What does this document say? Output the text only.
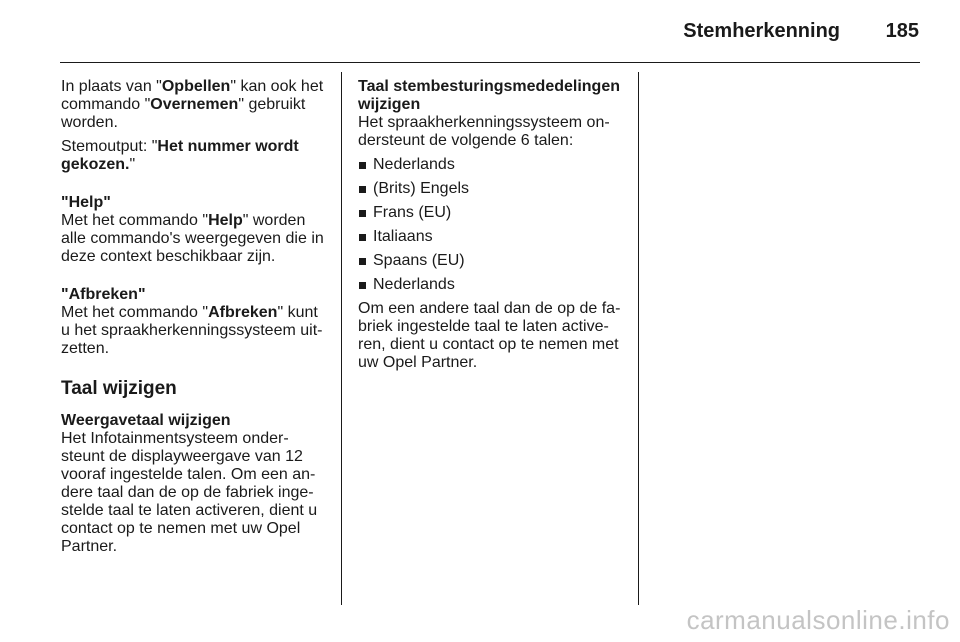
Stemherkenning 185

In plaats van "Opbellen" kan ook het commando "Overnemen" gebruikt worden.

Stemoutput: "Het nummer wordt gekozen."

"Help"

Met het commando "Help" worden alle commando's weergegeven die in deze context beschikbaar zijn.

"Afbreken"

Met het commando "Afbreken" kunt u het spraakherkenningssysteem uit-zetten.

Taal wijzigen

Weergavetaal wijzigen

Het Infotainmentsysteem onder-steunt de displayweergave van 12 vooraf ingestelde talen. Om een an-dere taal dan de op de fabriek inge-stelde taal te laten activeren, dient u contact op te nemen met uw Opel Partner.

Taal stembesturingsmededelingen wijzigen

Het spraakherkenningssysteem on-dersteunt de volgende 6 talen:

Nederlands
(Brits) Engels
Frans (EU)
Italiaans
Spaans (EU)
Nederlands

Om een andere taal dan de op de fa-briek ingestelde taal te laten active-ren, dient u contact op te nemen met uw Opel Partner.

carmanualsonline.info
